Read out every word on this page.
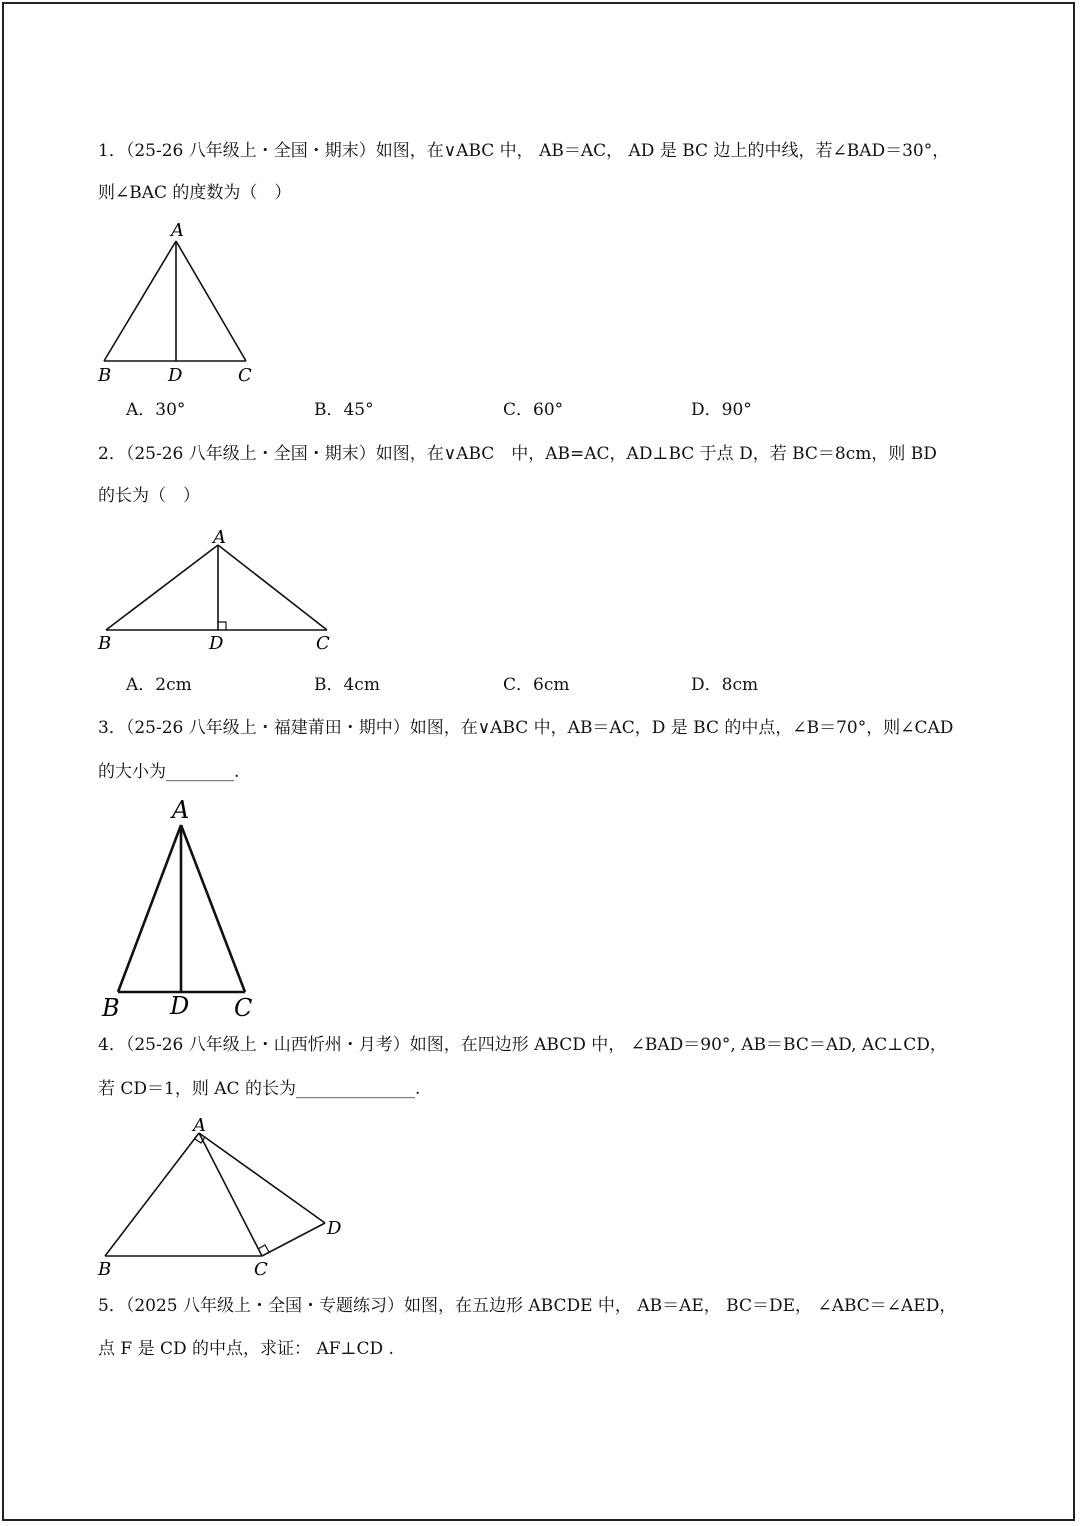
1．（25-26 八年级上・全国・期末）如图，在∨ABC 中， AB＝AC， AD 是 BC 边上的中线，若∠BAD＝30°，
则∠BAC 的度数为（　）
A
B	D	C
A．30°	B．45°	C．60°	D．90°
2．（25-26 八年级上・全国・期末）如图，在∨ABC　中，AB=AC，AD⊥BC 于点 D，若 BC＝8cm，则 BD
的长为（　）
A
B	D	C
A．2cm	B．4cm	C．6cm	D．8cm
3．（25-26 八年级上・福建莆田・期中）如图，在∨ABC 中，AB＝AC，D 是 BC 的中点，∠B＝70°，则∠CAD
的大小为________.
A
B D C
4．（25-26 八年级上・山西忻州・月考）如图，在四边形 ABCD 中， ∠BAD＝90°, AB＝BC＝AD, AC⊥CD，
若 CD＝1，则 AC 的长为______________.
A
B	C
D
5．（2025 八年级上・全国・专题练习）如图，在五边形 ABCDE 中， AB＝AE， BC＝DE， ∠ABC＝∠AED，
点 F 是 CD 的中点，求证： AF⊥CD .
